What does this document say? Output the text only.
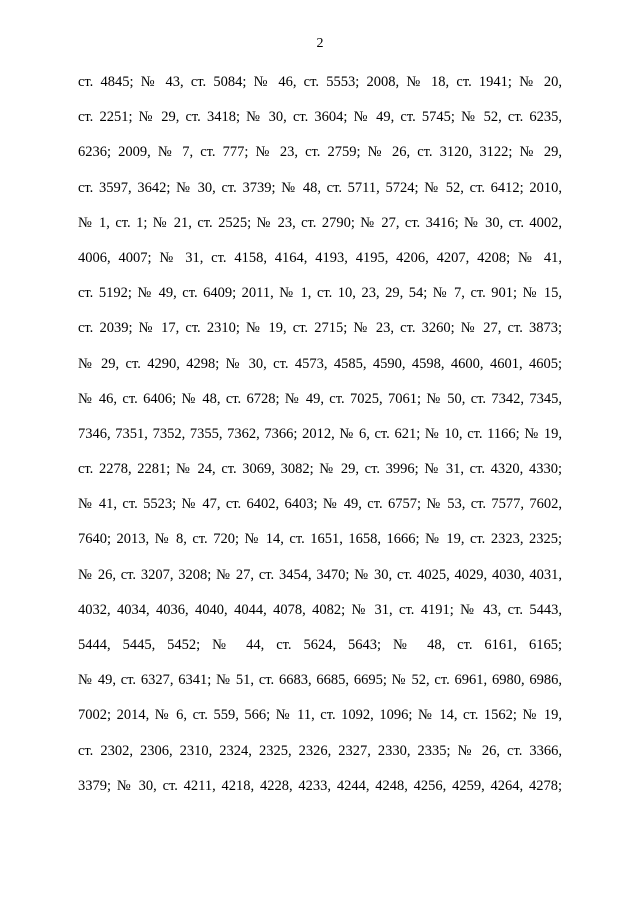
2
ст. 4845; № 43, ст. 5084; № 46, ст. 5553; 2008, № 18, ст. 1941; № 20,
ст. 2251; № 29, ст. 3418; № 30, ст. 3604; № 49, ст. 5745; № 52, ст. 6235,
6236; 2009, № 7, ст. 777; № 23, ст. 2759; № 26, ст. 3120, 3122; № 29,
ст. 3597, 3642; № 30, ст. 3739; № 48, ст. 5711, 5724; № 52, ст. 6412; 2010,
№ 1, ст. 1; № 21, ст. 2525; № 23, ст. 2790; № 27, ст. 3416; № 30, ст. 4002,
4006, 4007; № 31, ст. 4158, 4164, 4193, 4195, 4206, 4207, 4208; № 41,
ст. 5192; № 49, ст. 6409; 2011, № 1, ст. 10, 23, 29, 54; № 7, ст. 901; № 15,
ст. 2039; № 17, ст. 2310; № 19, ст. 2715; № 23, ст. 3260; № 27, ст. 3873;
№ 29, ст. 4290, 4298; № 30, ст. 4573, 4585, 4590, 4598, 4600, 4601, 4605;
№ 46, ст. 6406; № 48, ст. 6728; № 49, ст. 7025, 7061; № 50, ст. 7342, 7345,
7346, 7351, 7352, 7355, 7362, 7366; 2012, № 6, ст. 621; № 10, ст. 1166; № 19,
ст. 2278, 2281; № 24, ст. 3069, 3082; № 29, ст. 3996; № 31, ст. 4320, 4330;
№ 41, ст. 5523; № 47, ст. 6402, 6403; № 49, ст. 6757; № 53, ст. 7577, 7602,
7640; 2013, № 8, ст. 720; № 14, ст. 1651, 1658, 1666; № 19, ст. 2323, 2325;
№ 26, ст. 3207, 3208; № 27, ст. 3454, 3470; № 30, ст. 4025, 4029, 4030, 4031,
4032, 4034, 4036, 4040, 4044, 4078, 4082; № 31, ст. 4191; № 43, ст. 5443,
5444, 5445, 5452; № 44, ст. 5624, 5643; № 48, ст. 6161, 6165;
№ 49, ст. 6327, 6341; № 51, ст. 6683, 6685, 6695; № 52, ст. 6961, 6980, 6986,
7002; 2014, № 6, ст. 559, 566; № 11, ст. 1092, 1096; № 14, ст. 1562; № 19,
ст. 2302, 2306, 2310, 2324, 2325, 2326, 2327, 2330, 2335; № 26, ст. 3366,
3379; № 30, ст. 4211, 4218, 4228, 4233, 4244, 4248, 4256, 4259, 4264, 4278;
